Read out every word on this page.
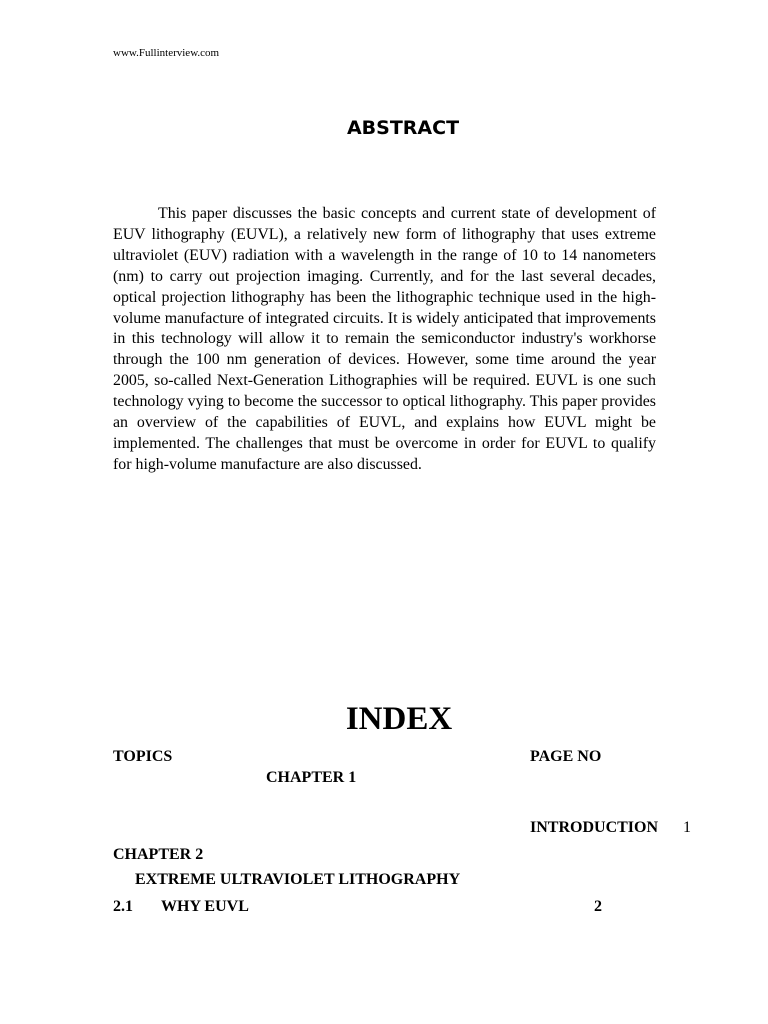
www.Fullinterview.com
ABSTRACT

This paper discusses the basic concepts and current state of development of EUV lithography (EUVL), a relatively new form of lithography that uses extreme ultraviolet (EUV) radiation with a wavelength in the range of 10 to 14 nanometers (nm) to carry out projection imaging. Currently, and for the last several decades, optical projection lithography has been the lithographic technique used in the high-volume manufacture of integrated circuits. It is widely anticipated that improvements in this technology will allow it to remain the semiconductor industry's workhorse through the 100 nm generation of devices. However, some time around the year 2005, so-called Next-Generation Lithographies will be required. EUVL is one such technology vying to become the successor to optical lithography. This paper provides an overview of the capabilities of EUVL, and explains how EUVL might be implemented. The challenges that must be overcome in order for EUVL to qualify for high-volume manufacture are also discussed.

INDEX
TOPICS	PAGE NO
CHAPTER 1
INTRODUCTION 1
CHAPTER 2
EXTREME ULTRAVIOLET LITHOGRAPHY
2.1 WHY EUVL	2
